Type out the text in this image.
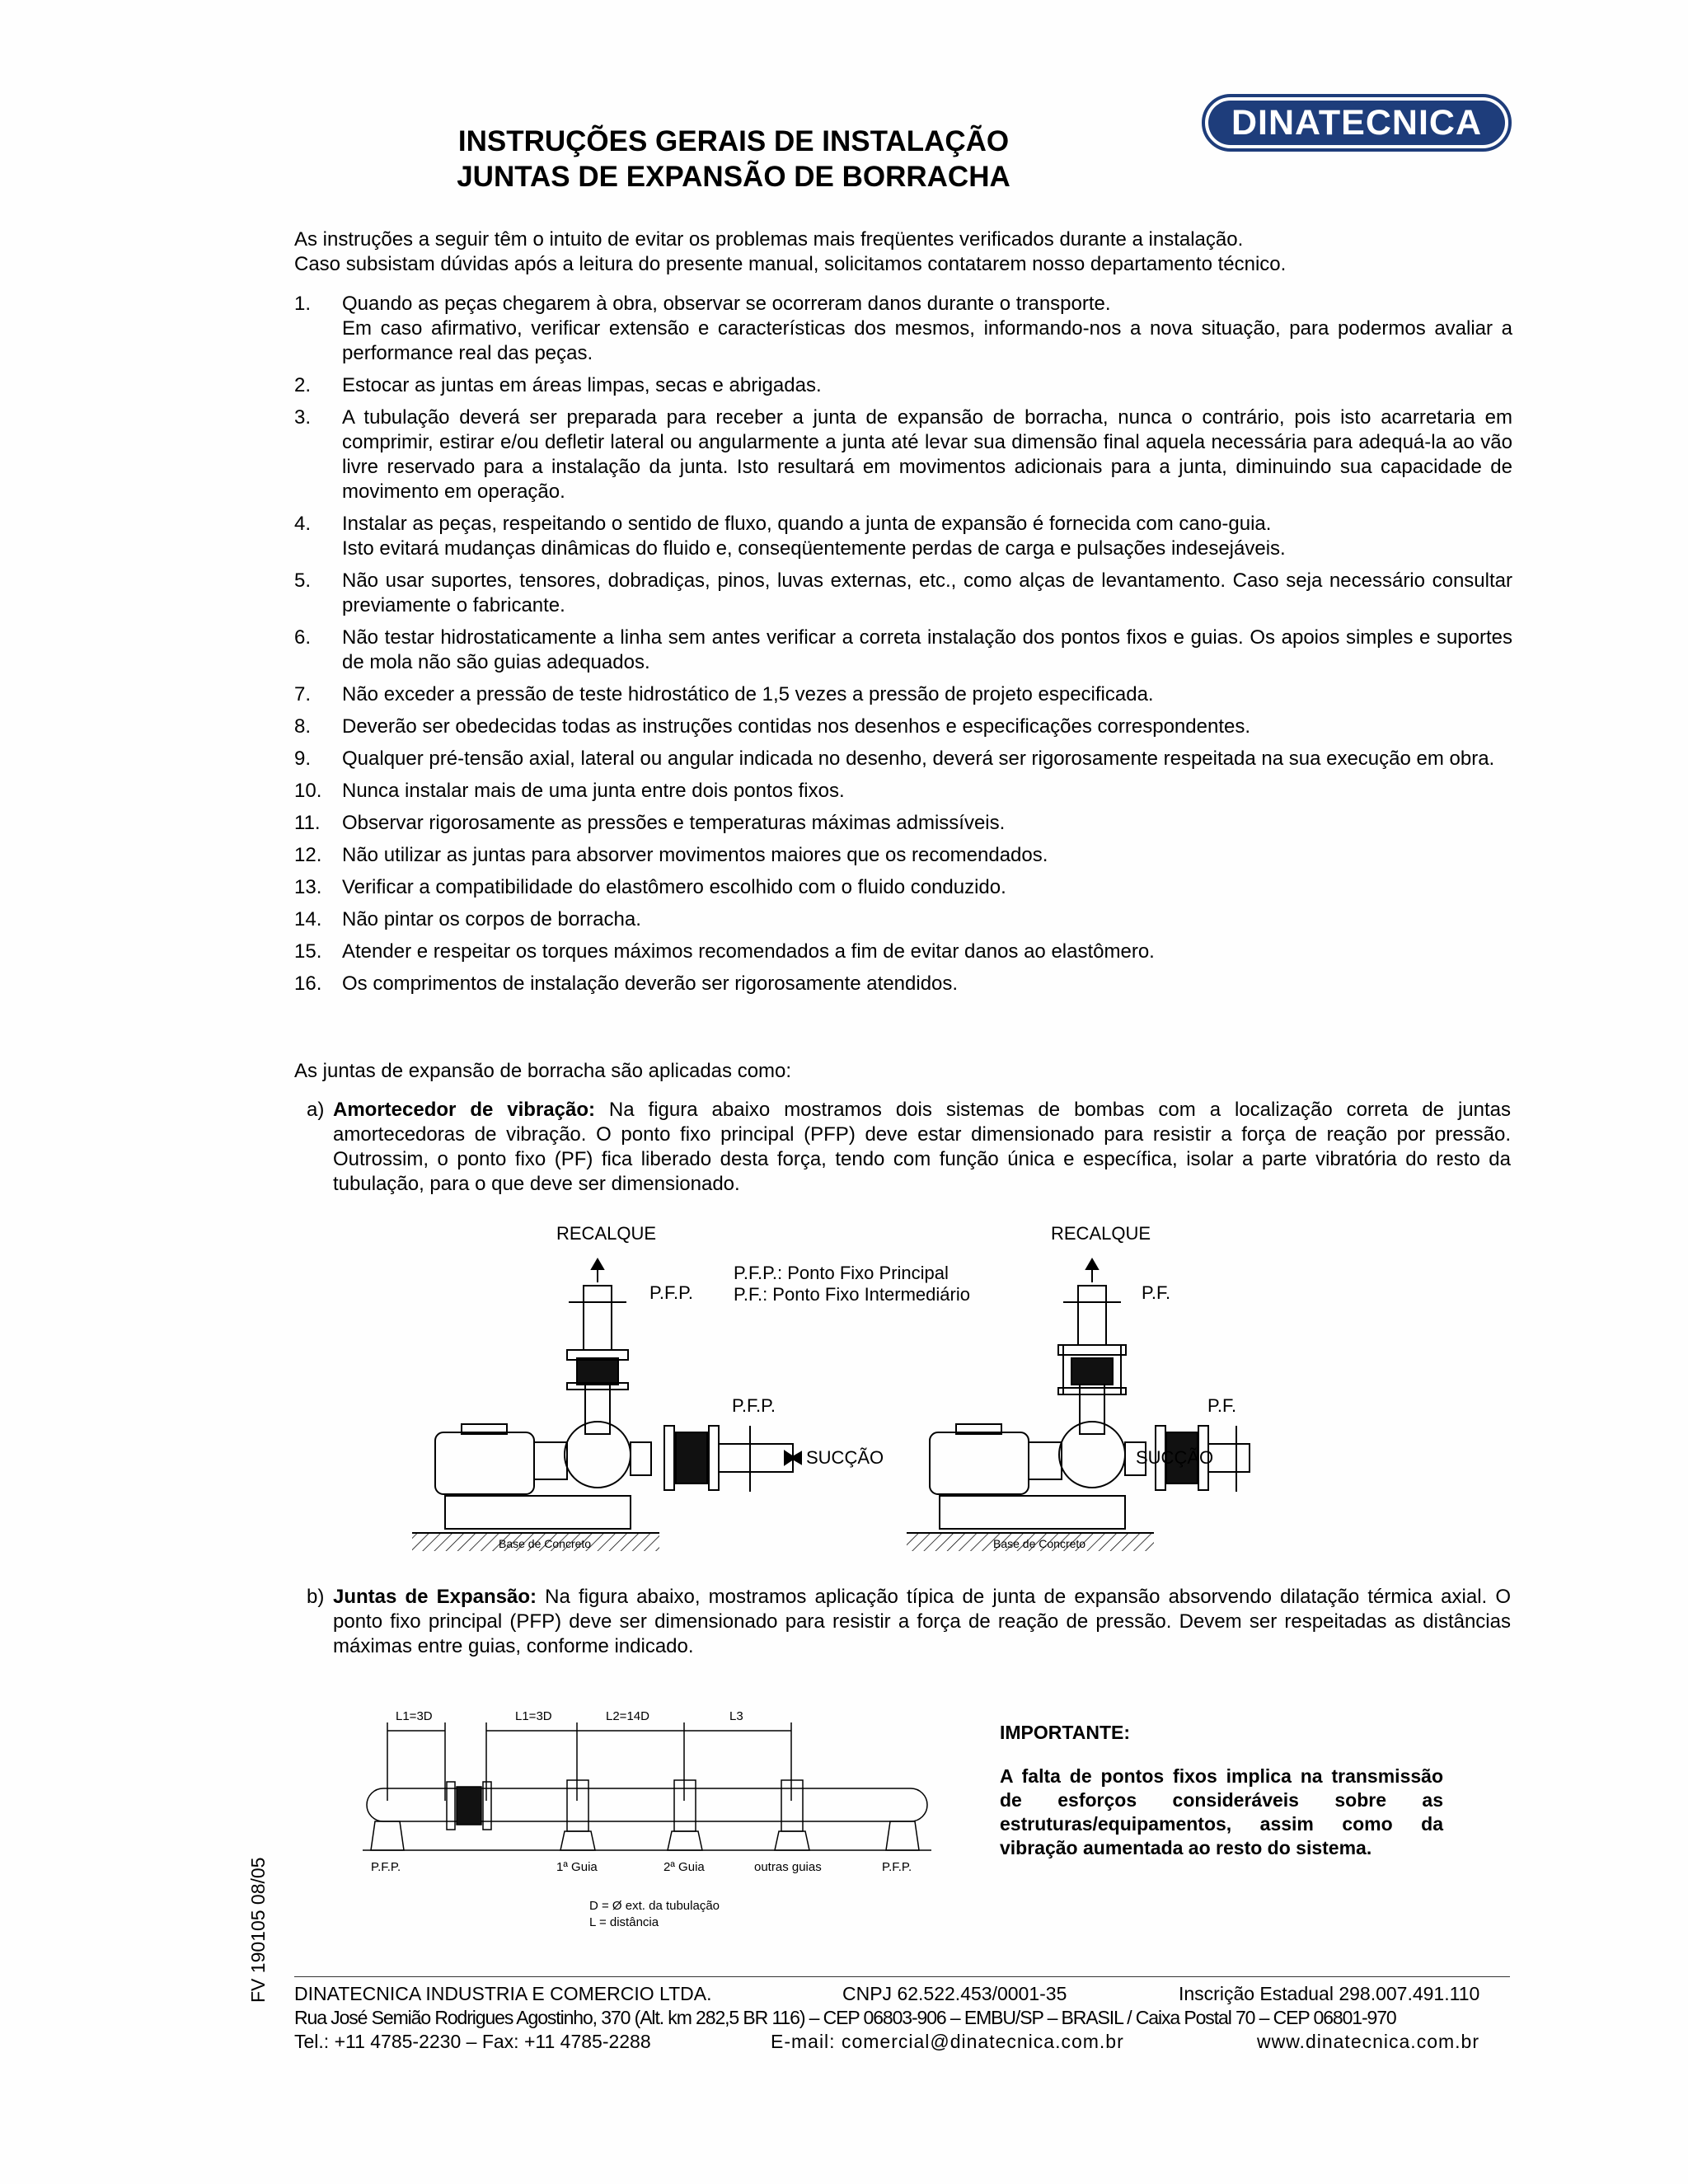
INSTRUÇÕES GERAIS DE INSTALAÇÃO
JUNTAS DE EXPANSÃO DE BORRACHA
DINATECNICA
As instruções a seguir têm o intuito de evitar os problemas mais freqüentes verificados durante a instalação.
Caso subsistam dúvidas após a leitura do presente manual, solicitamos contatarem nosso departamento técnico.
1. Quando as peças chegarem à obra, observar se ocorreram danos durante o transporte.
Em caso afirmativo, verificar extensão e características dos mesmos, informando-nos a nova situação, para podermos avaliar a performance real das peças.
2. Estocar as juntas em áreas limpas, secas e abrigadas.
3. A tubulação deverá ser preparada para receber a junta de expansão de borracha, nunca o contrário, pois isto acarretaria em comprimir, estirar e/ou defletir lateral ou angularmente a junta até levar sua dimensão final aquela necessária para adequá-la ao vão livre reservado para a instalação da junta. Isto resultará em movimentos adicionais para a junta, diminuindo sua capacidade de movimento em operação.
4. Instalar as peças, respeitando o sentido de fluxo, quando a junta de expansão é fornecida com cano-guia.
Isto evitará mudanças dinâmicas do fluido e, conseqüentemente perdas de carga e pulsações indesejáveis.
5. Não usar suportes, tensores, dobradiças, pinos, luvas externas, etc., como alças de levantamento. Caso seja necessário consultar previamente o fabricante.
6. Não testar hidrostaticamente a linha sem antes verificar a correta instalação dos pontos fixos e guias. Os apoios simples e suportes de mola não são guias adequados.
7. Não exceder a pressão de teste hidrostático de 1,5 vezes a pressão de projeto especificada.
8. Deverão ser obedecidas todas as instruções contidas nos desenhos e especificações correspondentes.
9. Qualquer pré-tensão axial, lateral ou angular indicada no desenho, deverá ser rigorosamente respeitada na sua execução em obra.
10. Nunca instalar mais de uma junta entre dois pontos fixos.
11. Observar rigorosamente as pressões e temperaturas máximas admissíveis.
12. Não utilizar as juntas para absorver movimentos maiores que os recomendados.
13. Verificar a compatibilidade do elastômero escolhido com o fluido conduzido.
14. Não pintar os corpos de borracha.
15. Atender e respeitar os torques máximos recomendados a fim de evitar danos ao elastômero.
16. Os comprimentos de instalação deverão ser rigorosamente atendidos.
As juntas de expansão de borracha são aplicadas como:
a) Amortecedor de vibração: Na figura abaixo mostramos dois sistemas de bombas com a localização correta de juntas amortecedoras de vibração. O ponto fixo principal (PFP) deve estar dimensionado para resistir a força de reação por pressão. Outrossim, o ponto fixo (PF) fica liberado desta força, tendo com função única e específica, isolar a parte vibratória do resto da tubulação, para o que deve ser dimensionado.
RECALQUE	RECALQUE
P.F.P.
P.F.P.
P.F.
P.F.
P.F.P.: Ponto Fixo Principal
P.F.: Ponto Fixo Intermediário
SUCÇÃO	SUCÇÃO
Base de Concreto	Base de Concreto
b) Juntas de Expansão: Na figura abaixo, mostramos aplicação típica de junta de expansão absorvendo dilatação térmica axial. O ponto fixo principal (PFP) deve ser dimensionado para resistir a força de reação de pressão. Devem ser respeitadas as distâncias máximas entre guias, conforme indicado.
L1=3D	L1=3D	L2=14D	L3
P.F.P.	1ª Guia	2ª Guia	outras guias	P.F.P.
D = Ø ext. da tubulação
L = distância

IMPORTANTE:

A falta de pontos fixos implica na transmissão de esforços consideráveis sobre as estruturas/equipamentos, assim como da vibração aumentada ao resto do sistema.

FV 190105 08/05 DINATECNICA INDUSTRIA E COMERCIO LTDA.	CNPJ 62.522.453/0001-35	Inscrição Estadual 298.007.491.110
Rua José Semião Rodrigues Agostinho, 370 (Alt. km 282,5 BR 116) – CEP 06803-906 – EMBU/SP – BRASIL / Caixa Postal 70 – CEP 06801-970
Tel.: +11 4785-2230 – Fax: +11 4785-2288	E-mail: comercial@dinatecnica.com.br	www.dinatecnica.com.br
